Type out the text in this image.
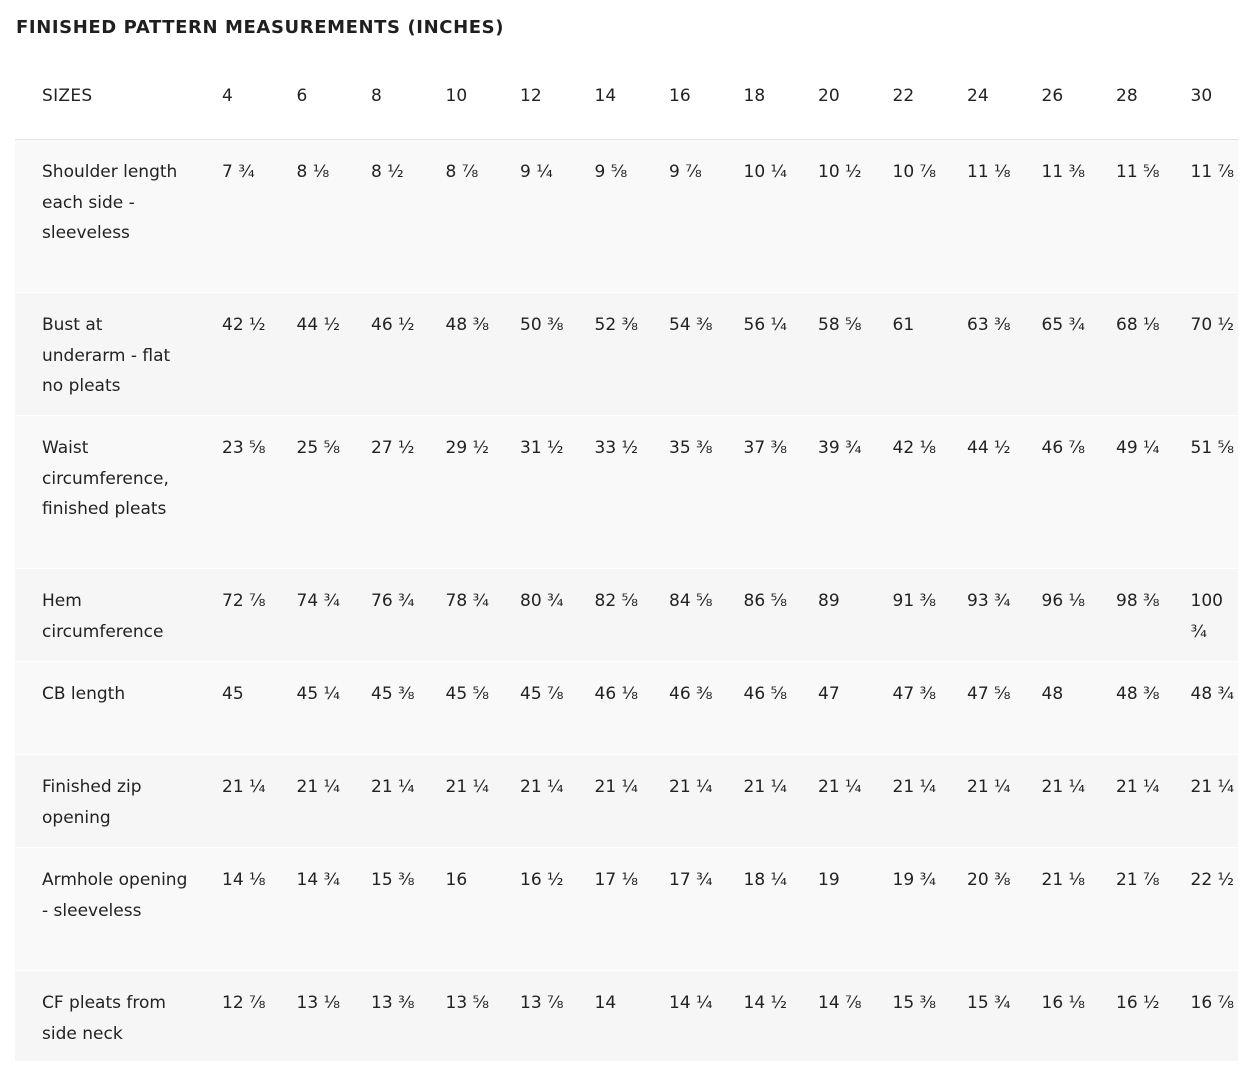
FINISHED PATTERN MEASUREMENTS (INCHES)
SIZES	4	6	8	10	12	14	16	18	20	22	24	26	28	30
Shoulder length each side - sleeveless
7 ¾	8 ⅛	8 ½	8 ⅞	9 ¼	9 ⅝	9 ⅞	10 ¼	10 ½	10 ⅞	11 ⅛	11 ⅜	11 ⅝	11 ⅞
Bust at underarm - flat no pleats
42 ½	44 ½	46 ½	48 ⅜	50 ⅜	52 ⅜	54 ⅜	56 ¼	58 ⅝	61	63 ⅜	65 ¾	68 ⅛	70 ½
Waist circumference, finished pleats
23 ⅝	25 ⅝	27 ½	29 ½	31 ½	33 ½	35 ⅜	37 ⅜	39 ¾	42 ⅛	44 ½	46 ⅞	49 ¼	51 ⅝
Hem circumference
72 ⅞	74 ¾	76 ¾	78 ¾	80 ¾	82 ⅝	84 ⅝	86 ⅝	89	91 ⅜	93 ¾	96 ⅛	98 ⅜	100 ¾
CB length	45	45 ¼	45 ⅜	45 ⅝	45 ⅞	46 ⅛	46 ⅜	46 ⅝	47	47 ⅜	47 ⅝	48	48 ⅜	48 ¾
Finished zip opening
21 ¼	21 ¼	21 ¼	21 ¼	21 ¼	21 ¼	21 ¼	21 ¼	21 ¼	21 ¼	21 ¼	21 ¼	21 ¼	21 ¼
Armhole opening - sleeveless
14 ⅛	14 ¾	15 ⅜	16	16 ½	17 ⅛	17 ¾	18 ¼	19	19 ¾	20 ⅜	21 ⅛	21 ⅞	22 ½
CF pleats from side neck
12 ⅞	13 ⅛	13 ⅜	13 ⅝	13 ⅞	14	14 ¼	14 ½	14 ⅞	15 ⅜	15 ¾	16 ⅛	16 ½	16 ⅞
